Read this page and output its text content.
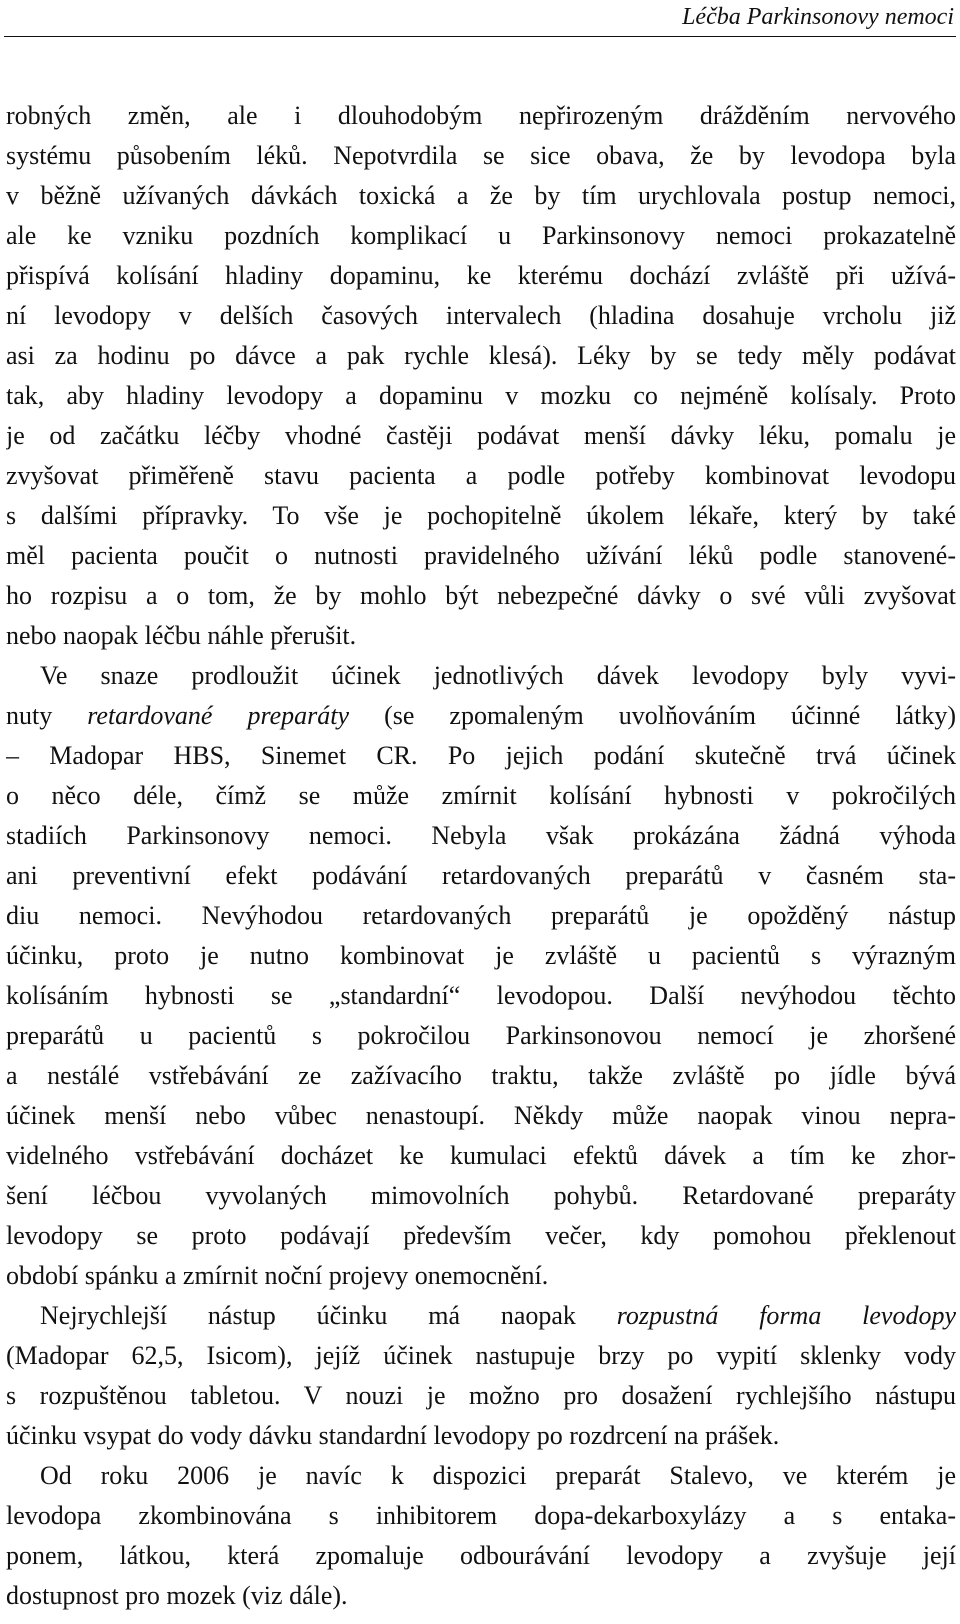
Léčba Parkinsonovy nemoci
robných změn, ale i dlouhodobým nepřirozeným drážděním nervového
systému působením léků. Nepotvrdila se sice obava, že by levodopa byla
v běžně užívaných dávkách toxická a že by tím urychlovala postup nemoci,
ale ke vzniku pozdních komplikací u Parkinsonovy nemoci prokazatelně
přispívá kolísání hladiny dopaminu, ke kterému dochází zvláště při užívá-
ní levodopy v delších časových intervalech (hladina dosahuje vrcholu již
asi za hodinu po dávce a pak rychle klesá). Léky by se tedy měly podávat
tak, aby hladiny levodopy a dopaminu v mozku co nejméně kolísaly. Proto
je od začátku léčby vhodné častěji podávat menší dávky léku, pomalu je
zvyšovat přiměřeně stavu pacienta a podle potřeby kombinovat levodopu
s dalšími přípravky. To vše je pochopitelně úkolem lékaře, který by také
měl pacienta poučit o nutnosti pravidelného užívání léků podle stanovené-
ho rozpisu a o tom, že by mohlo být nebezpečné dávky o své vůli zvyšovat
nebo naopak léčbu náhle přerušit.
Ve snaze prodloužit účinek jednotlivých dávek levodopy byly vyvi-
nuty retardované preparáty (se zpomaleným uvolňováním účinné látky)
– Madopar HBS, Sinemet CR. Po jejich podání skutečně trvá účinek
o něco déle, čímž se může zmírnit kolísání hybnosti v pokročilých
stadiích Parkinsonovy nemoci. Nebyla však prokázána žádná výhoda
ani preventivní efekt podávání retardovaných preparátů v časném sta-
diu nemoci. Nevýhodou retardovaných preparátů je opožděný nástup
účinku, proto je nutno kombinovat je zvláště u pacientů s výrazným
kolísáním hybnosti se „standardní“ levodopou. Další nevýhodou těchto
preparátů u pacientů s pokročilou Parkinsonovou nemocí je zhoršené
a nestálé vstřebávání ze zažívacího traktu, takže zvláště po jídle bývá
účinek menší nebo vůbec nenastoupí. Někdy může naopak vinou nepra-
videlného vstřebávání docházet ke kumulaci efektů dávek a tím ke zhor-
šení léčbou vyvolaných mimovolních pohybů. Retardované preparáty
levodopy se proto podávají především večer, kdy pomohou překlenout
období spánku a zmírnit noční projevy onemocnění.
Nejrychlejší nástup účinku má naopak rozpustná forma levodopy
(Madopar 62,5, Isicom), jejíž účinek nastupuje brzy po vypití sklenky vody
s rozpuštěnou tabletou. V nouzi je možno pro dosažení rychlejšího nástupu
účinku vsypat do vody dávku standardní levodopy po rozdrcení na prášek.
Od roku 2006 je navíc k dispozici preparát Stalevo, ve kterém je
levodopa zkombinována s inhibitorem dopa-dekarboxylázy a s entaka-
ponem, látkou, která zpomaluje odbourávání levodopy a zvyšuje její
dostupnost pro mozek (viz dále).
